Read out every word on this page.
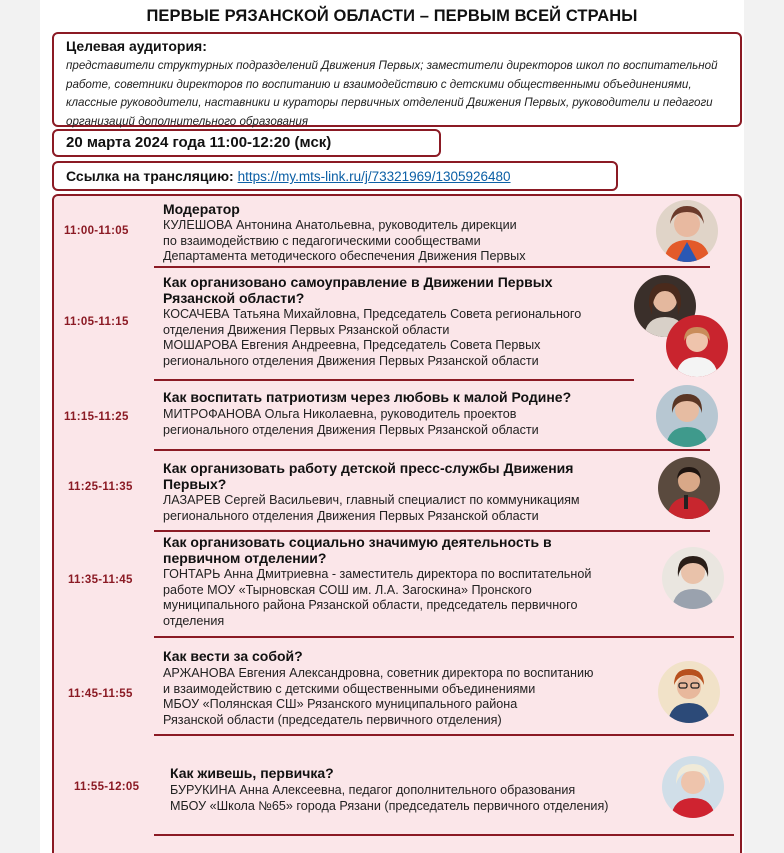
ПЕРВЫЕ РЯЗАНСКОЙ ОБЛАСТИ – ПЕРВЫМ ВСЕЙ СТРАНЫ
Целевая аудитория:
представители структурных подразделений Движения Первых; заместители директоров школ по воспитательной
работе, советники директоров по воспитанию и взаимодействию с детскими общественными объединениями,
классные руководители, наставники и кураторы первичных отделений Движения Первых, руководители и педагоги
организаций дополнительного образования
20 марта 2024 года 11:00-12:20 (мск)
Ссылка на трансляцию: https://my.mts-link.ru/j/73321969/1305926480
11:00-11:05
Модератор
КУЛЕШОВА Антонина Анатольевна, руководитель дирекции
по взаимодействию с педагогическими сообществами
Департамента методического обеспечения Движения Первых
11:05-11:15
Как организовано самоуправление в Движении Первых
Рязанской области?
КОСАЧЕВА Татьяна Михайловна, Председатель Совета регионального
отделения Движения Первых Рязанской области
МОШАРОВА Евгения Андреевна, Председатель Совета Первых
регионального отделения Движения Первых Рязанской области
11:15-11:25
Как воспитать патриотизм через любовь к малой Родине?
МИТРОФАНОВА Ольга Николаевна, руководитель проектов
регионального отделения Движения Первых Рязанской области
11:25-11:35
Как организовать работу детской пресс-службы Движения
Первых?
ЛАЗАРЕВ Сергей Васильевич, главный специалист по коммуникациям
регионального отделения Движения Первых Рязанской области
11:35-11:45
Как организовать социально значимую деятельность в
первичном отделении?
ГОНТАРЬ Анна Дмитриевна - заместитель директора по воспитательной
работе МОУ «Тырновская СОШ им. Л.А. Загоскина» Пронского
муниципального района Рязанской области, председатель первичного
отделения
11:45-11:55
Как вести за собой?
АРЖАНОВА Евгения Александровна, советник директора по воспитанию
и взаимодействию с детскими общественными объединениями
МБОУ «Полянская СШ» Рязанского муниципального района
Рязанской области (председатель первичного отделения)
11:55-12:05
Как живешь, первичка?
БУРУКИНА Анна Алексеевна, педагог дополнительного образования
МБОУ «Школа №65» города Рязани (председатель первичного отделения)
